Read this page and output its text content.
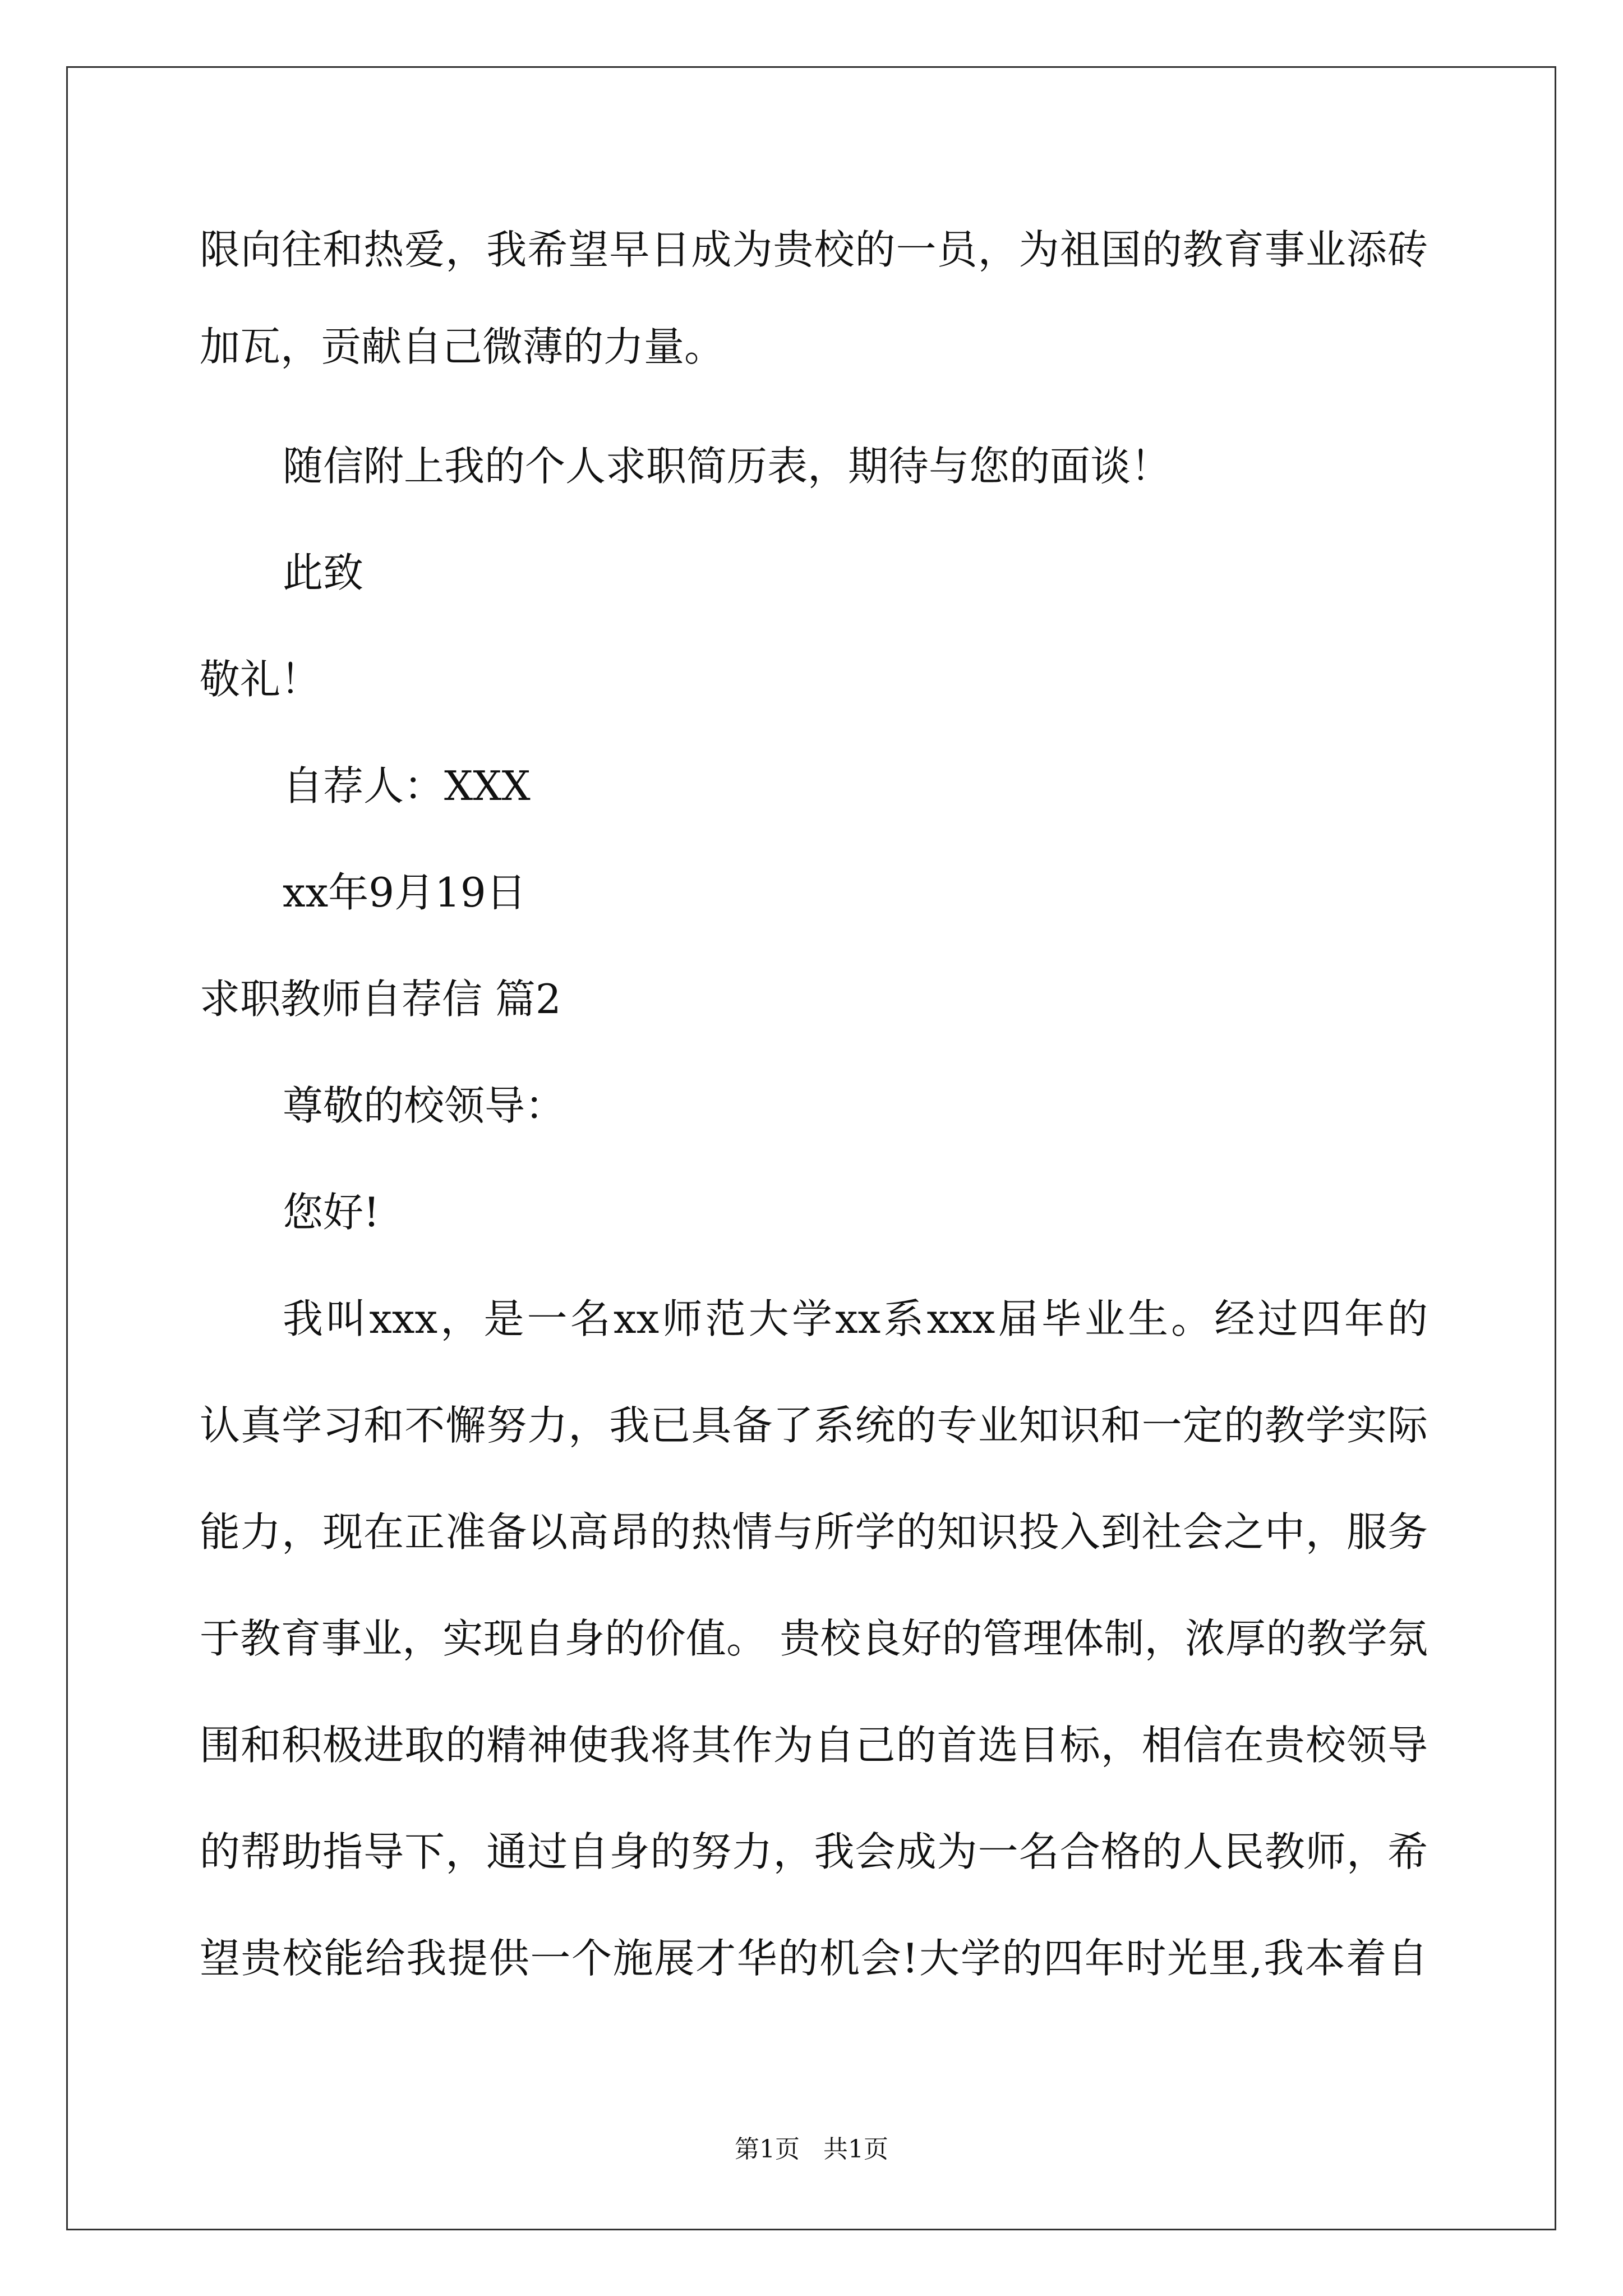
限向往和热爱，我希望早日成为贵校的一员，为祖国的教育事业添砖
加瓦，贡献自己微薄的力量。
随信附上我的个人求职简历表，期待与您的面谈！
此致
敬礼！
自荐人：XXX
xx年9月19日
求职教师自荐信 篇2
尊敬的校领导：
您好!
我叫xxx，是一名xx师范大学xx系xxx届毕业生。经过四年的
认真学习和不懈努力，我已具备了系统的专业知识和一定的教学实际
能力，现在正准备以高昂的热情与所学的知识投入到社会之中，服务
于教育事业，实现自身的价值。 贵校良好的管理体制，浓厚的教学氛
围和积极进取的精神使我将其作为自己的首选目标，相信在贵校领导
的帮助指导下，通过自身的努力，我会成为一名合格的人民教师，希
望贵校能给我提供一个施展才华的机会!大学的四年时光里,我本着自
第1页   共1页
